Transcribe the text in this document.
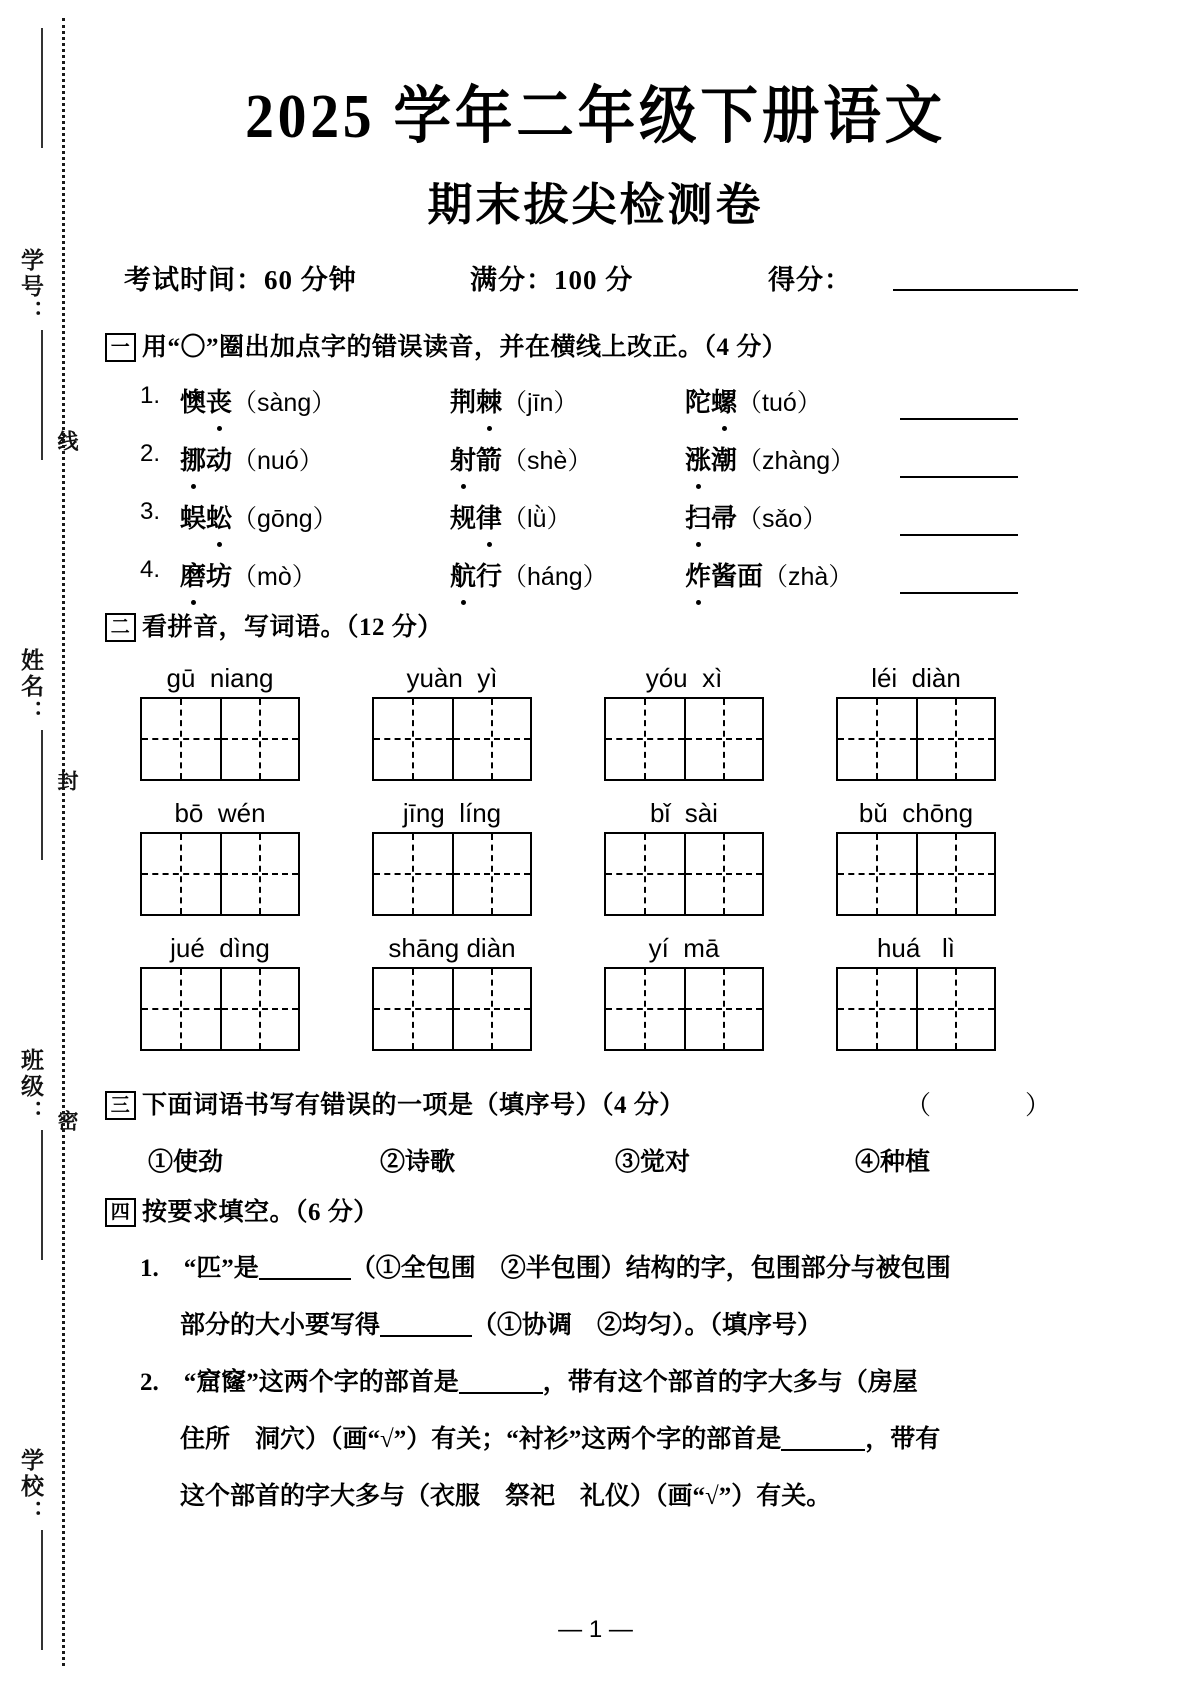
学号：
姓名：
班级：
学校：
线
封
密
2025 学年二年级下册语文
期末拔尖检测卷
考试时间：60 分钟	满分：100 分	得分：
一 用“〇”圈出加点字的错误读音，并在横线上改正。（4 分）
1. 懊丧（sàng）	荆棘（jīn）	陀螺（tuó）
2. 挪动（nuó）	射箭（shè）	涨潮（zhàng）
3. 蜈蚣（gōng）	规律（lǜ）	扫帚（sǎo）
4. 磨坊（mò）	航行（háng）	炸酱面（zhà）
二 看拼音，写词语。（12 分）
gū niang	yuàn yì	yóu xì	léi diàn
bō wén	jīng líng	bǐ sài	bǔ chōng
jué dìng	shāng diàn	yí mā	huá lì
三 下面词语书写有错误的一项是（填序号）（4 分）	（　　）
①使劲	②诗歌	③觉对	④种植
四 按要求填空。（6 分）
1.　“匹”是	（①全包围　②半包围）结构的字，包围部分与被包围
部分的大小要写得	（①协调　②均匀）。（填序号）
2.　“窟窿”这两个字的部首是	，带有这个部首的字大多与（房屋
住所　洞穴）（画“√”）有关；“衬衫”这两个字的部首是	，带有
这个部首的字大多与（衣服　祭祀　礼仪）（画“√”）有关。
— 1 —
